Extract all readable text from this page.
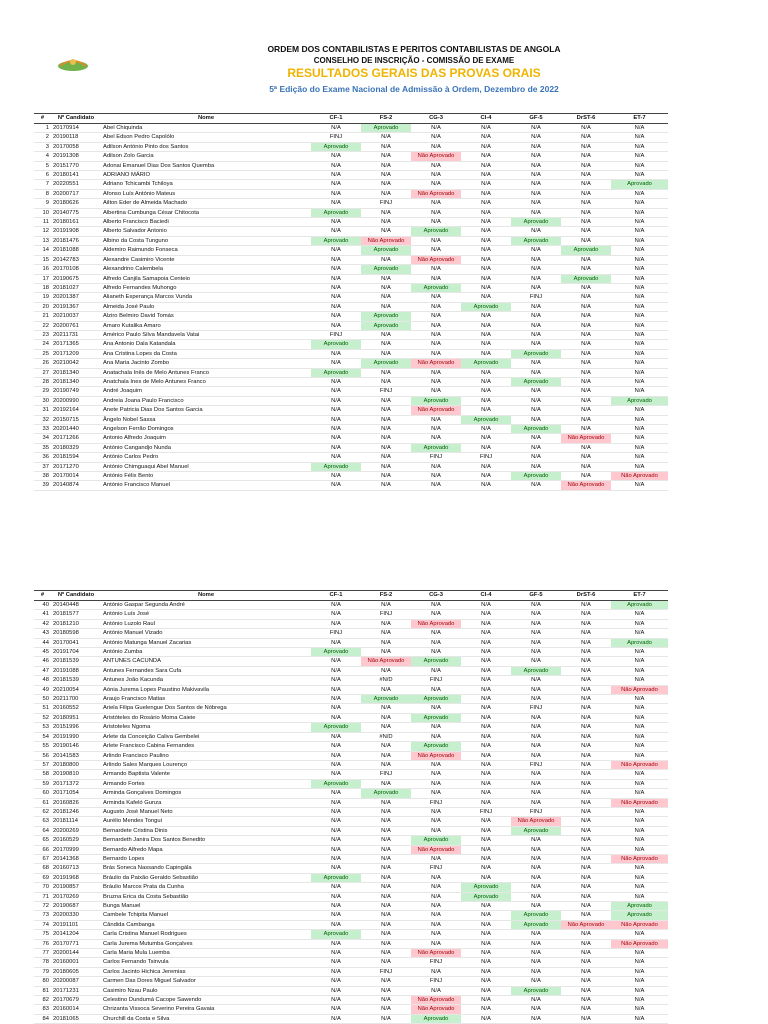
ORDEM DOS CONTABILISTAS E PERITOS CONTABILISTAS DE ANGOLA
CONSELHO DE INSCRIÇÃO - COMISSÃO DE EXAME
RESULTADOS GERAIS DAS PROVAS ORAIS
5ª Edição do Exame Nacional de Admissão à Ordem, Dezembro de 2022
#	Nº Candidato	Nome	CF-1	FS-2	CG-3	CI-4	GF-5	DrST-6	ET-7
1	20170914	Abel Chiquinda	N/A	Aprovado	N/A	N/A	N/A	N/A	N/A
2	20190118	Abel Edson Pedro Capolólo	FINJ	N/A	N/A	N/A	N/A	N/A	N/A
3	20170058	Adilson António Pinto dos Santos	Aprovado	N/A	N/A	N/A	N/A	N/A	N/A
4	20191308	Adilson Zolo Garcia	N/A	N/A	Não Aprovado	N/A	N/A	N/A	N/A
5	20151770	Adonai Emanuel Dias Dos Santos Quemba	N/A	N/A	N/A	N/A	N/A	N/A	N/A
6	20180141	ADRIANO MÁRIO	N/A	N/A	N/A	N/A	N/A	N/A	N/A
7	20220551	Adriano Tchicambi Tchiloya	N/A	N/A	N/A	N/A	N/A	N/A	Aprovado
8	20200717	Afonso Luís António Mateus	N/A	N/A	Não Aprovado	N/A	N/A	N/A	N/A
9	20180626	Ailton Eder de Almeida Machado	N/A	FINJ	N/A	N/A	N/A	N/A	N/A
10	20140775	Albertina Cumbunga César Chitocota	Aprovado	N/A	N/A	N/A	N/A	N/A	N/A
11	20180161	Alberto Francisco Baciedi	N/A	N/A	N/A	N/A	Aprovado	N/A	N/A
12	20191908	Alberto Salvador Antonio	N/A	N/A	Aprovado	N/A	N/A	N/A	N/A
13	20181476	Albino da Costa Tunguno	Aprovado	Não Aprovado	N/A	N/A	Aprovado	N/A	N/A
14	20181088	Aldemiro Raimundo Fonseca	N/A	Aprovado	N/A	N/A	N/A	Aprovado	N/A
15	20142783	Alexandre Casimiro Vicente	N/A	N/A	Não Aprovado	N/A	N/A	N/A	N/A
16	20170108	Alexandrino Calembela	N/A	Aprovado	N/A	N/A	N/A	N/A	N/A
17	20190675	Alfredo Canjila Samapoia Centeio	N/A	N/A	N/A	N/A	N/A	Aprovado	N/A
18	20181027	Alfredo Fernandes Muhongo	N/A	N/A	Aprovado	N/A	N/A	N/A	N/A
19	20201387	Alianeth Esperança Marcos Vunda	N/A	N/A	N/A	N/A	FINJ	N/A	N/A
20	20191367	Almeida José Paulo	N/A	N/A	N/A	Aprovado	N/A	N/A	N/A
21	20210037	Alziro Belmiro David Tomás	N/A	Aprovado	N/A	N/A	N/A	N/A	N/A
22	20200761	Amaro Kutalika Amaro	N/A	Aprovado	N/A	N/A	N/A	N/A	N/A
23	20211731	Américo Paulo Silva Mandavela Vatai	FINJ	N/A	N/A	N/A	N/A	N/A	N/A
24	20171365	Ana Antonio Dala Katandala	Aprovado	N/A	N/A	N/A	N/A	N/A	N/A
25	20171209	Ana Cristina Lopes da Costa	N/A	N/A	N/A	N/A	Aprovado	N/A	N/A
26	20210042	Ana Maria Jacinto Zombo	N/A	Aprovado	Não Aprovado	Aprovado	N/A	N/A	N/A
27	20181340	Anatachala Inês de Melo Antunes Franco	Aprovado	N/A	N/A	N/A	N/A	N/A	N/A
28	20181340	Anatchala Ines de Melo Antunes Franco	N/A	N/A	N/A	N/A	Aprovado	N/A	N/A
29	20190749	André Joaquim	N/A	FINJ	N/A	N/A	N/A	N/A	N/A
30	20200990	Andreia Joana Paulo Francisco	N/A	N/A	Aprovado	N/A	N/A	N/A	Aprovado
31	20192164	Anete Patricia Dias Dos Santos Garcia	N/A	N/A	Não Aprovado	N/A	N/A	N/A	N/A
32	20150715	Ângelo Nobel Sassa	N/A	N/A	N/A	Aprovado	N/A	N/A	N/A
33	20201440	Angelson Ferrão Domingos	N/A	N/A	N/A	N/A	Aprovado	N/A	N/A
34	20171266	Antonio Alfredo Joaquim	N/A	N/A	N/A	N/A	N/A	Não Aprovado	N/A
35	20180329	António Cangandjo Nunda	N/A	N/A	Aprovado	N/A	N/A	N/A	N/A
36	20181594	António Carlos Pedro	N/A	N/A	FINJ	FINJ	N/A	N/A	N/A
37	20171270	António Chimguaqui Abel Manuel	Aprovado	N/A	N/A	N/A	N/A	N/A	N/A
38	20170014	António Félix Bento	N/A	N/A	N/A	N/A	Aprovado	N/A	Não Aprovado
39	20140874	António Francisco Manuel	N/A	N/A	N/A	N/A	N/A	Não Aprovado	N/A
#	Nº Candidato	Nome	CF-1	FS-2	CG-3	CI-4	GF-5	DrST-6	ET-7
40	20140448	António Gaspar Segunda André	N/A	N/A	N/A	N/A	N/A	N/A	Aprovado
41	20181577	António Luís José	N/A	FINJ	N/A	N/A	N/A	N/A	N/A
42	20181210	António Luzolo Raul	N/A	N/A	Não Aprovado	N/A	N/A	N/A	N/A
43	20180598	António Manuel Vizado	FINJ	N/A	N/A	N/A	N/A	N/A	N/A
44	20170041	António Matunga Manuel Zacarias	N/A	N/A	N/A	N/A	N/A	N/A	Aprovado
45	20191704	António Zumba	Aprovado	N/A	N/A	N/A	N/A	N/A	N/A
46	20181539	ANTUNES CACUNDA	N/A	Não Aprovado	Aprovado	N/A	N/A	N/A	N/A
47	20191088	Antunes Fernandes Sara Cufa	N/A	N/A	N/A	N/A	Aprovado	N/A	N/A
48	20181539	Antunes João Kacunda	N/A	#N/D	FINJ	N/A	N/A	N/A	N/A
49	20210054	Aónia Jurema Lopes Paustino Makivavila	N/A	N/A	N/A	N/A	N/A	N/A	Não Aprovado
50	20211700	Araujo Francisco Matias	N/A	Aprovado	Aprovado	N/A	N/A	N/A	N/A
51	20160552	Ariela Filipa Guelengue Dos Santos de Nóbrega	N/A	N/A	N/A	N/A	FINJ	N/A	N/A
52	20180951	Aristóteles do Rosário Moma Caieie	N/A	N/A	Aprovado	N/A	N/A	N/A	N/A
53	20151996	Aristoteles Ngoma	Aprovado	N/A	N/A	N/A	N/A	N/A	N/A
54	20191990	Arlete da Conceição Caliva Gembelei	N/A	#N/D	N/A	N/A	N/A	N/A	N/A
55	20190146	Arlete Francisco Cabina Fernandes	N/A	N/A	Aprovado	N/A	N/A	N/A	N/A
56	20141583	Arlindo Francisco Paulino	N/A	N/A	Não Aprovado	N/A	N/A	N/A	N/A
57	20180800	Arlindo Sales Marques Lourenço	N/A	N/A	N/A	N/A	FINJ	N/A	Não Aprovado
58	20190810	Armando Baptista Valente	N/A	FINJ	N/A	N/A	N/A	N/A	N/A
59	20171372	Armando Fortes	Aprovado	N/A	N/A	N/A	N/A	N/A	N/A
60	20171054	Arminda Gonçalves Domingos	N/A	Aprovado	N/A	N/A	N/A	N/A	N/A
61	20160826	Arminda Kafeló Gunza	N/A	N/A	FINJ	N/A	N/A	N/A	Não Aprovado
62	20181246	Augusto José Manuel Neto	N/A	N/A	N/A	FINJ	FINJ	N/A	N/A
63	20181114	Aurélio Mendes Tongui	N/A	N/A	N/A	N/A	Não Aprovado	N/A	N/A
64	20200269	Bernardete Cristina Dinis	N/A	N/A	N/A	N/A	Aprovado	N/A	N/A
65	20160529	Bernardeth Janira Dos Santos Benedito	N/A	N/A	Aprovado	N/A	N/A	N/A	N/A
66	20170999	Bernardo Alfredo Mapa	N/A	N/A	Não Aprovado	N/A	N/A	N/A	N/A
67	20141368	Bernardo Lopes	N/A	N/A	N/A	N/A	N/A	N/A	Não Aprovado
68	20160713	Brás Soneca Nassando Capingála	N/A	N/A	FINJ	N/A	N/A	N/A	N/A
69	20191968	Bráulio da Paixão Geraldo Sebastião	Aprovado	N/A	N/A	N/A	N/A	N/A	N/A
70	20190857	Bráulio Marcos Prata da Cunha	N/A	N/A	N/A	Aprovado	N/A	N/A	N/A
71	20170269	Bruzna Erica da Costa Sebastião	N/A	N/A	N/A	Aprovado	N/A	N/A	N/A
72	20190687	Bunga Manuel	N/A	N/A	N/A	N/A	N/A	N/A	Aprovado
73	20200330	Cambele Tchipita Manuel	N/A	N/A	N/A	N/A	Aprovado	N/A	Aprovado
74	20191101	Cândida Cambanga	N/A	N/A	N/A	N/A	Aprovado	Não Aprovado	Não Aprovado
75	20141204	Carla Cristina Manuel Rodrigues	Aprovado	N/A	N/A	N/A	N/A	N/A	N/A
76	20170771	Carla Jurema Mutumba Gonçalves	N/A	N/A	N/A	N/A	N/A	N/A	Não Aprovado
77	20200144	Carla Maria Mula Luemba	N/A	N/A	Não Aprovado	N/A	N/A	N/A	N/A
78	20160001	Carlos Fernando Tsinvula	N/A	N/A	FINJ	N/A	N/A	N/A	N/A
79	20180605	Carlos Jacinto Hichica Jeremias	N/A	FINJ	N/A	N/A	N/A	N/A	N/A
80	20200087	Carmen Das Dores Miguel Salvador	N/A	N/A	FINJ	N/A	N/A	N/A	N/A
81	20171231	Casimiro Nzau Paulo	N/A	N/A	N/A	N/A	Aprovado	N/A	N/A
82	20170679	Celestino Dundumá Cacope Sawendo	N/A	N/A	Não Aprovado	N/A	N/A	N/A	N/A
83	20160014	Chrizanta Vissoca Severino Pereira Gavaia	N/A	N/A	Não Aprovado	N/A	N/A	N/A	N/A
84	20181065	Churchill da Costa e Silva	N/A	N/A	Aprovado	N/A	N/A	N/A	N/A
